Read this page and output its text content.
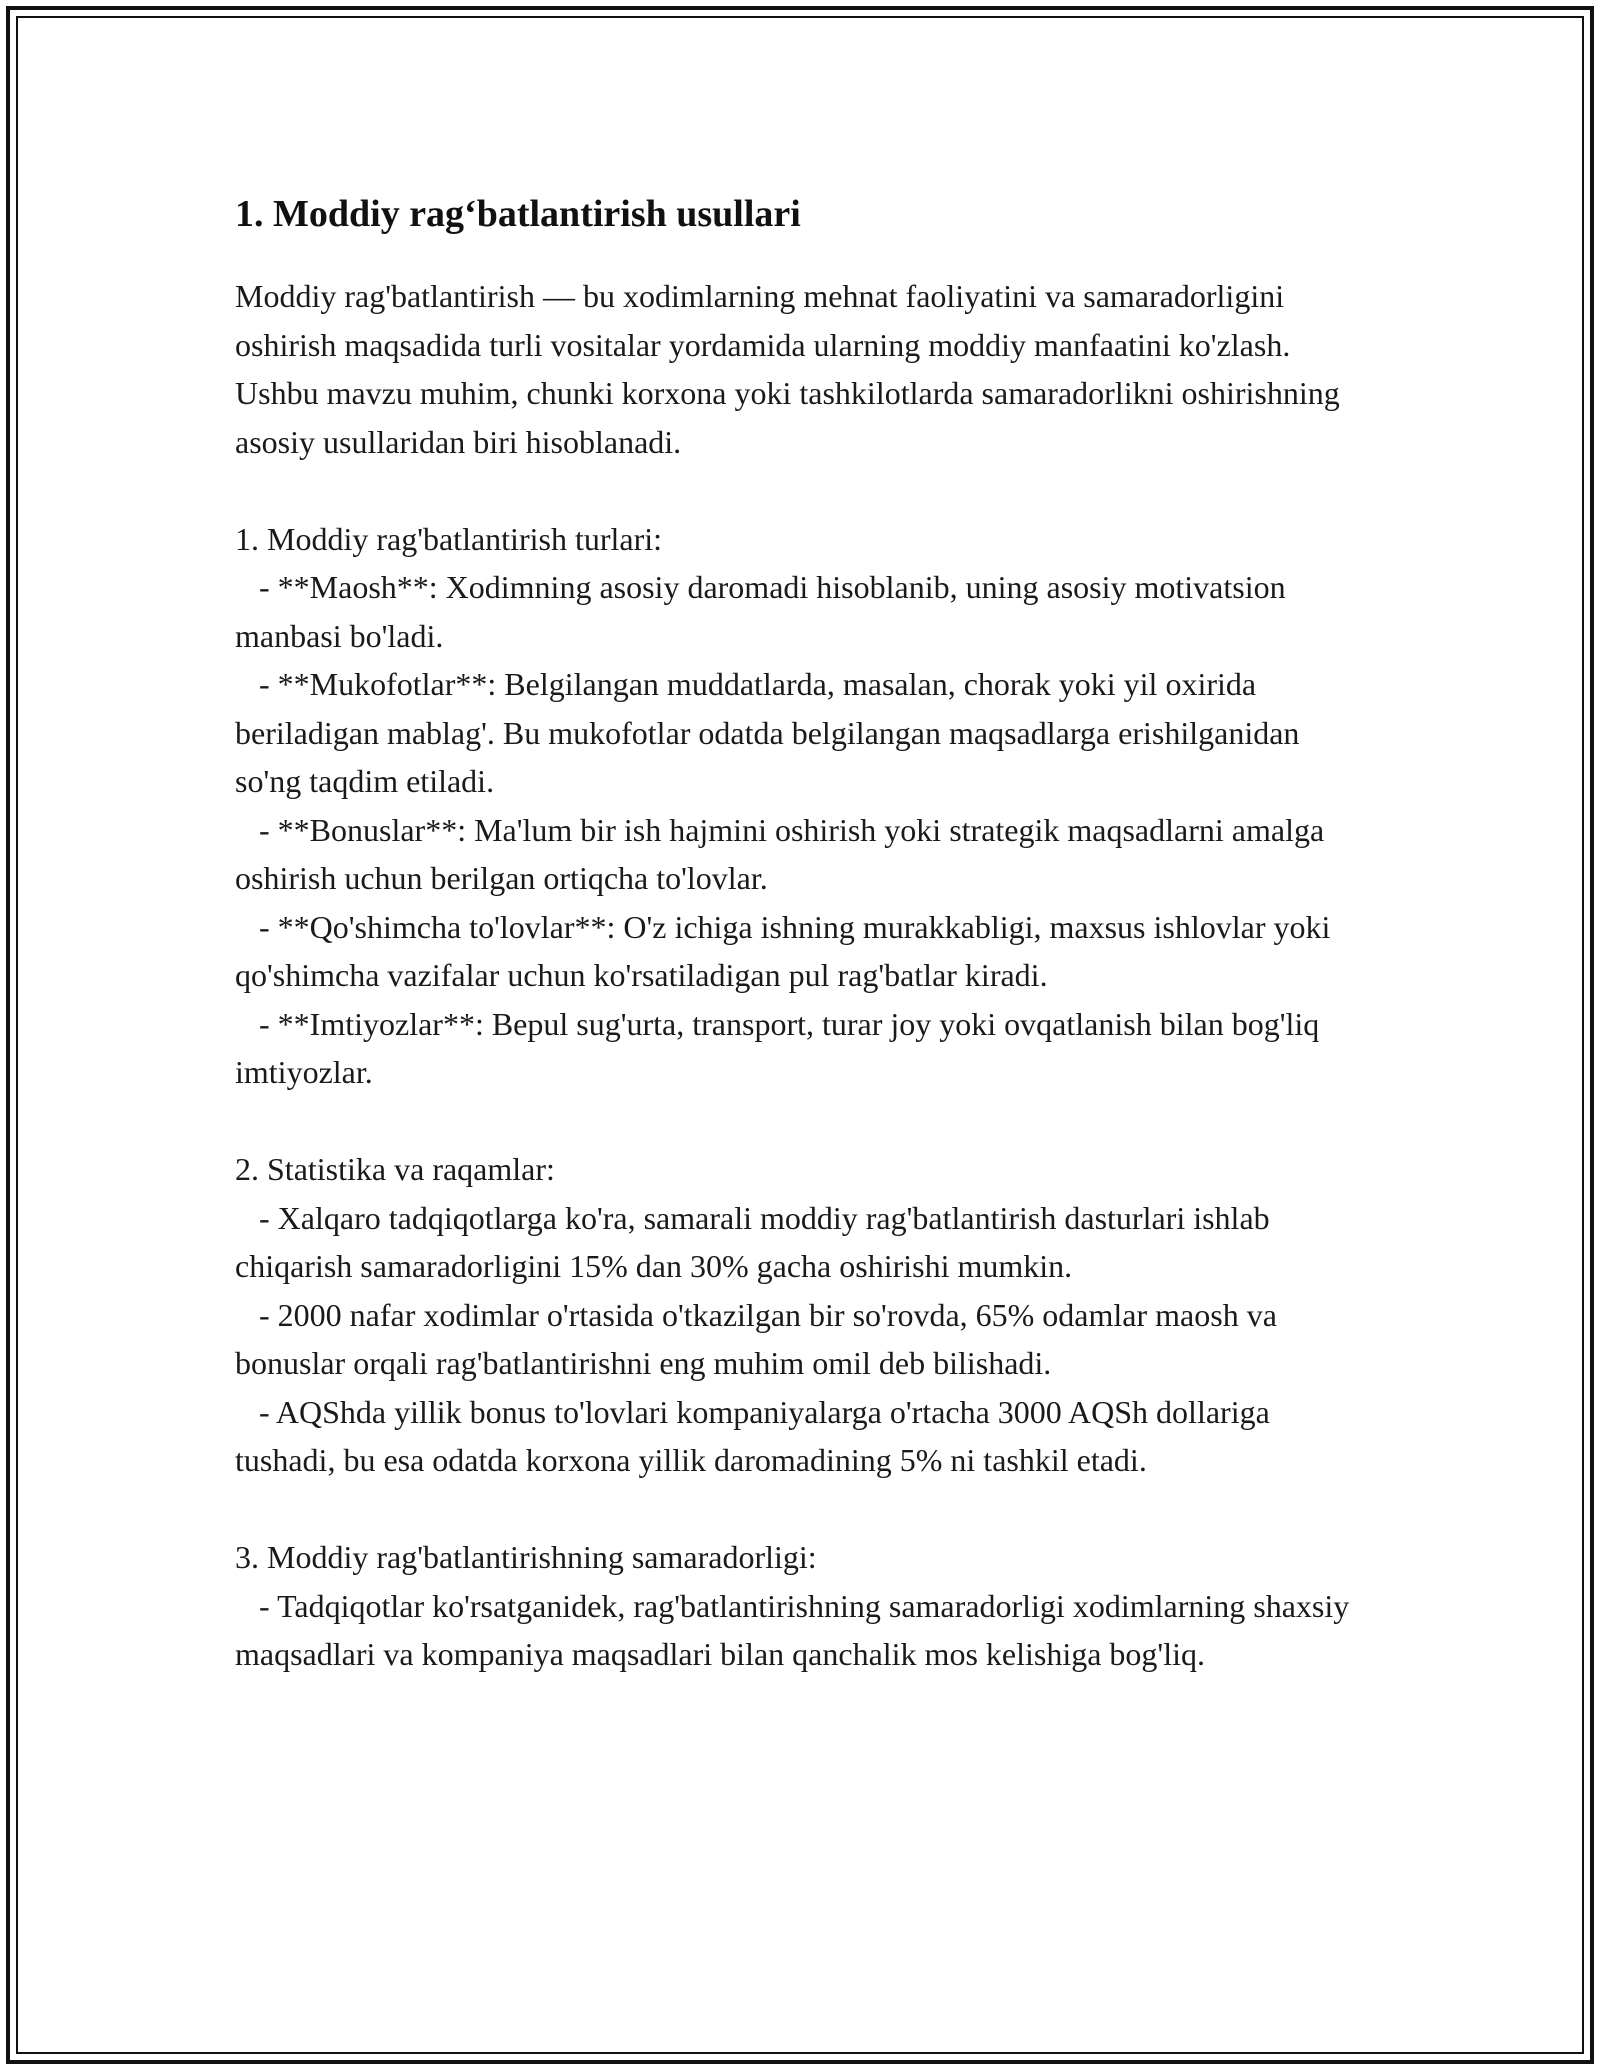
1. Moddiy rag‘batlantirish usullari

Moddiy rag'batlantirish — bu xodimlarning mehnat faoliyatini va samaradorligini oshirish maqsadida turli vositalar yordamida ularning moddiy manfaatini ko'zlash. Ushbu mavzu muhim, chunki korxona yoki tashkilotlarda samaradorlikni oshirishning asosiy usullaridan biri hisoblanadi.

1. Moddiy rag'batlantirish turlari:
- **Maosh**: Xodimning asosiy daromadi hisoblanib, uning asosiy motivatsion manbasi bo'ladi.
- **Mukofotlar**: Belgilangan muddatlarda, masalan, chorak yoki yil oxirida beriladigan mablag'. Bu mukofotlar odatda belgilangan maqsadlarga erishilganidan so'ng taqdim etiladi.
- **Bonuslar**: Ma'lum bir ish hajmini oshirish yoki strategik maqsadlarni amalga oshirish uchun berilgan ortiqcha to'lovlar.
- **Qo'shimcha to'lovlar**: O'z ichiga ishning murakkabligi, maxsus ishlovlar yoki qo'shimcha vazifalar uchun ko'rsatiladigan pul rag'batlar kiradi.
- **Imtiyozlar**: Bepul sug'urta, transport, turar joy yoki ovqatlanish bilan bog'liq imtiyozlar.

2. Statistika va raqamlar:
- Xalqaro tadqiqotlarga ko'ra, samarali moddiy rag'batlantirish dasturlari ishlab chiqarish samaradorligini 15% dan 30% gacha oshirishi mumkin.
- 2000 nafar xodimlar o'rtasida o'tkazilgan bir so'rovda, 65% odamlar maosh va bonuslar orqali rag'batlantirishni eng muhim omil deb bilishadi.
- AQShda yillik bonus to'lovlari kompaniyalarga o'rtacha 3000 AQSh dollariga tushadi, bu esa odatda korxona yillik daromadining 5% ni tashkil etadi.

3. Moddiy rag'batlantirishning samaradorligi:
- Tadqiqotlar ko'rsatganidek, rag'batlantirishning samaradorligi xodimlarning shaxsiy maqsadlari va kompaniya maqsadlari bilan qanchalik mos kelishiga bog'liq.
